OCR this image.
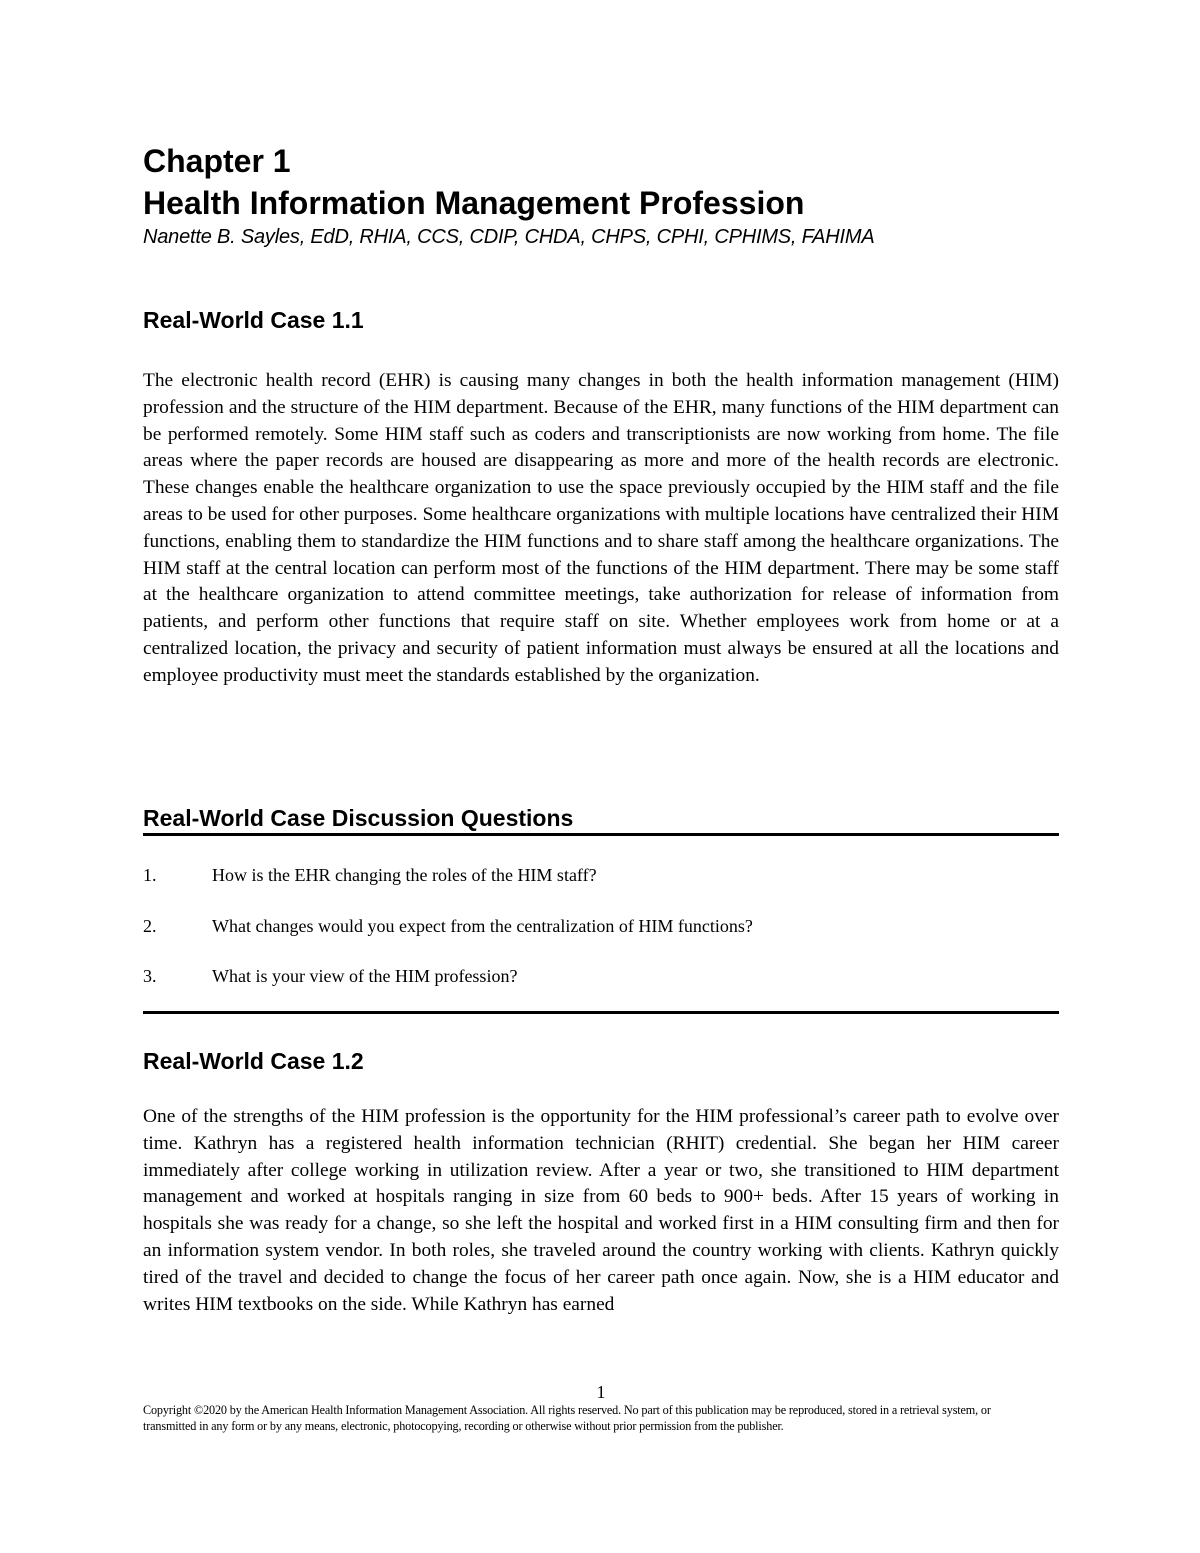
Chapter 1
Health Information Management Profession
Nanette B. Sayles, EdD, RHIA, CCS, CDIP, CHDA, CHPS, CPHI, CPHIMS, FAHIMA
Real-World Case 1.1

The electronic health record (EHR) is causing many changes in both the health information management (HIM) profession and the structure of the HIM department. Because of the EHR, many functions of the HIM department can be performed remotely. Some HIM staff such as coders and transcriptionists are now working from home. The file areas where the paper records are housed are disappearing as more and more of the health records are electronic. These changes enable the healthcare organization to use the space previously occupied by the HIM staff and the file areas to be used for other purposes. Some healthcare organizations with multiple locations have centralized their HIM functions, enabling them to standardize the HIM functions and to share staff among the healthcare organizations. The HIM staff at the central location can perform most of the functions of the HIM department. There may be some staff at the healthcare organization to attend committee meetings, take authorization for release of information from patients, and perform other functions that require staff on site. Whether employees work from home or at a centralized location, the privacy and security of patient information must always be ensured at all the locations and employee productivity must meet the standards established by the organization.

Real-World Case Discussion Questions
1.	How is the EHR changing the roles of the HIM staff?
2.	What changes would you expect from the centralization of HIM functions?
3.	What is your view of the HIM profession?
Real-World Case 1.2

One of the strengths of the HIM profession is the opportunity for the HIM professional’s career path to evolve over time. Kathryn has a registered health information technician (RHIT) credential. She began her HIM career immediately after college working in utilization review. After a year or two, she transitioned to HIM department management and worked at hospitals ranging in size from 60 beds to 900+ beds. After 15 years of working in hospitals she was ready for a change, so she left the hospital and worked first in a HIM consulting firm and then for an information system vendor. In both roles, she traveled around the country working with clients. Kathryn quickly tired of the travel and decided to change the focus of her career path once again. Now, she is a HIM educator and writes HIM textbooks on the side. While Kathryn has earned

1
Copyright ©2020 by the American Health Information Management Association. All rights reserved. No part of this publication may be reproduced, stored in a retrieval system, or transmitted in any form or by any means, electronic, photocopying, recording or otherwise without prior permission from the publisher.
